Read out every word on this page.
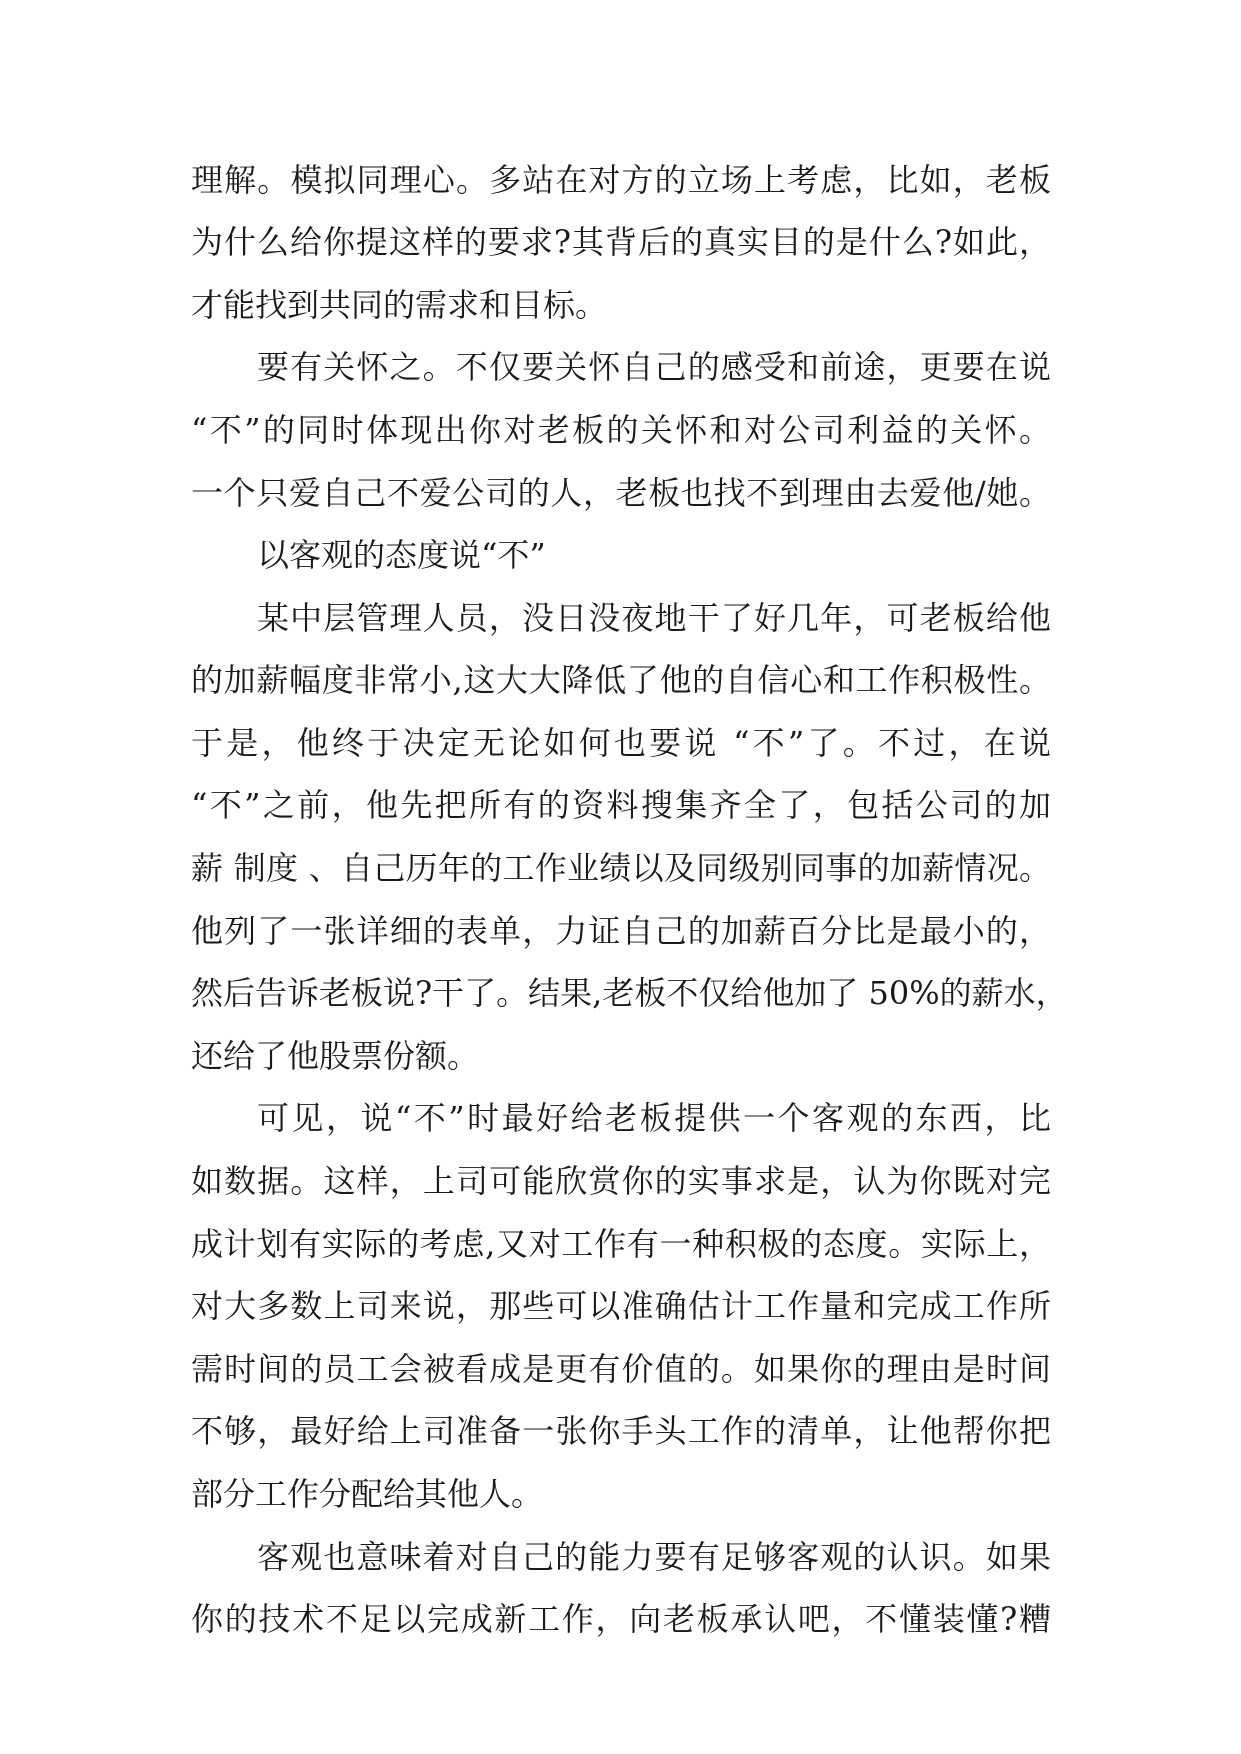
理解。模拟同理心。多站在对方的立场上考虑，比如，老板

为什么给你提这样的要求?其背后的真实目的是什么?如此，

才能找到共同的需求和目标。

要有关怀之。不仅要关怀自己的感受和前途，更要在说

“不”的同时体现出你对老板的关怀和对公司利益的关怀。

一个只爱自己不爱公司的人，老板也找不到理由去爱他/她。

以客观的态度说“不”

某中层管理人员，没日没夜地干了好几年，可老板给他

的加薪幅度非常小,这大大降低了他的自信心和工作积极性。

于是，他终于决定无论如何也要说 “不”了。不过，在说

“不”之前，他先把所有的资料搜集齐全了，包括公司的加

薪 制度 、自己历年的工作业绩以及同级别同事的加薪情况。

他列了一张详细的表单，力证自己的加薪百分比是最小的，

然后告诉老板说?干了。结果,老板不仅给他加了 50%的薪水，

还给了他股票份额。

可见，说“不”时最好给老板提供一个客观的东西，比

如数据。这样，上司可能欣赏你的实事求是，认为你既对完

成计划有实际的考虑,又对工作有一种积极的态度。实际上，

对大多数上司来说，那些可以准确估计工作量和完成工作所

需时间的员工会被看成是更有价值的。如果你的理由是时间

不够，最好给上司准备一张你手头工作的清单，让他帮你把

部分工作分配给其他人。

客观也意味着对自己的能力要有足够客观的认识。如果

你的技术不足以完成新工作，向老板承认吧，不懂装懂?糟
